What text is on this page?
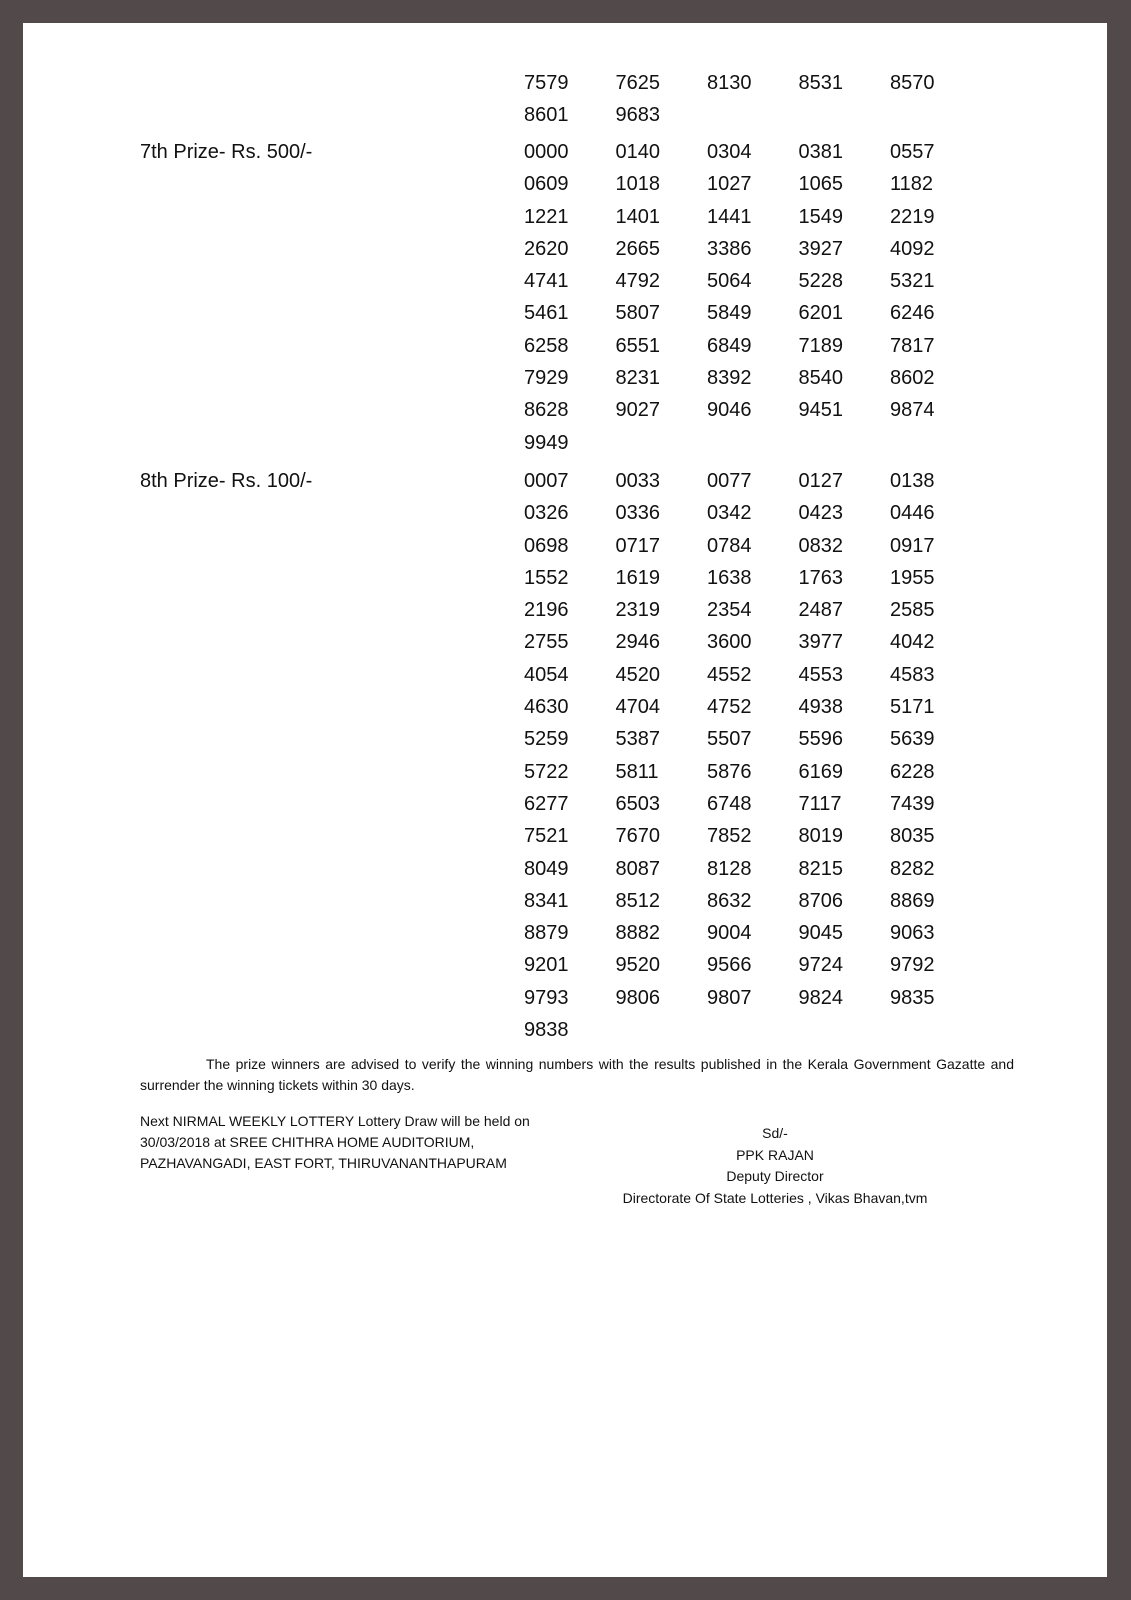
7579	7625	8130	8531	8570
8601	9683
7th Prize- Rs. 500/-	0000	0140	0304	0381	0557
0609	1018	1027	1065	1182
1221	1401	1441	1549	2219
2620	2665	3386	3927	4092
4741	4792	5064	5228	5321
5461	5807	5849	6201	6246
6258	6551	6849	7189	7817
7929	8231	8392	8540	8602
8628	9027	9046	9451	9874
9949
8th Prize- Rs. 100/-	0007	0033	0077	0127	0138
0326	0336	0342	0423	0446
0698	0717	0784	0832	0917
1552	1619	1638	1763	1955
2196	2319	2354	2487	2585
2755	2946	3600	3977	4042
4054	4520	4552	4553	4583
4630	4704	4752	4938	5171
5259	5387	5507	5596	5639
5722	5811	5876	6169	6228
6277	6503	6748	7117	7439
7521	7670	7852	8019	8035
8049	8087	8128	8215	8282
8341	8512	8632	8706	8869
8879	8882	9004	9045	9063
9201	9520	9566	9724	9792
9793	9806	9807	9824	9835
9838

The prize winners are advised to verify the winning numbers with the results published in the Kerala Government Gazatte and surrender the winning tickets within 30 days.

Next NIRMAL WEEKLY LOTTERY Lottery Draw will be held on
30/03/2018 at SREE CHITHRA HOME AUDITORIUM,
PAZHAVANGADI, EAST FORT, THIRUVANANTHAPURAM
Sd/-
PPK RAJAN
Deputy Director
Directorate Of State Lotteries , Vikas Bhavan,tvm
